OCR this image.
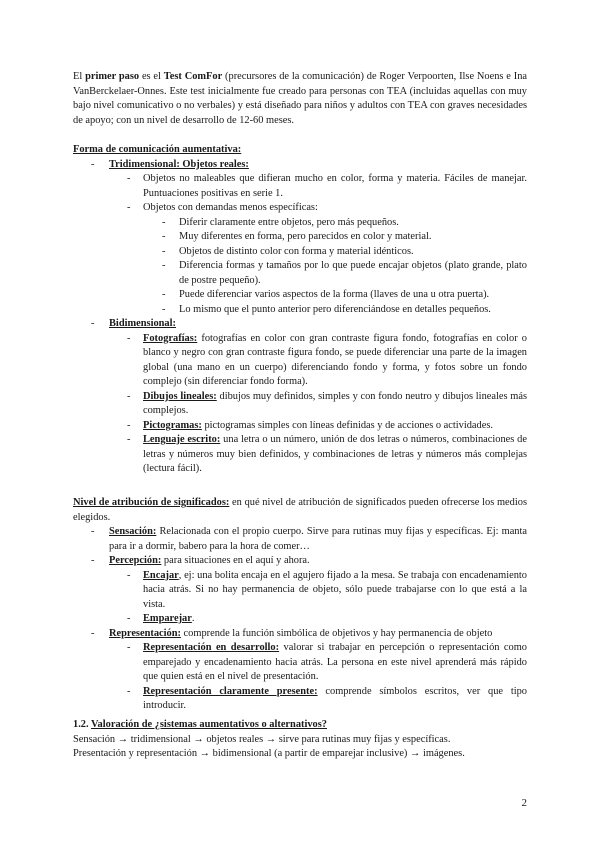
El primer paso es el Test ComFor (precursores de la comunicación) de Roger Verpoorten, Ilse Noens e Ina VanBerckelaer-Onnes. Este test inicialmente fue creado para personas con TEA (incluidas aquellas con muy bajo nivel comunicativo o no verbales) y está diseñado para niños y adultos con TEA con graves necesidades de apoyo; con un nivel de desarrollo de 12-60 meses.

Forma de comunicación aumentativa:

- Tridimensional: Objetos reales:
- Objetos no maleables que difieran mucho en color, forma y materia. Fáciles de manejar. Puntuaciones positivas en serie 1.
- Objetos con demandas menos específicas:
- Diferir claramente entre objetos, pero más pequeños.
- Muy diferentes en forma, pero parecidos en color y material.
- Objetos de distinto color con forma y material idénticos.
- Diferencia formas y tamaños por lo que puede encajar objetos (plato grande, plato de postre pequeño).
- Puede diferenciar varios aspectos de la forma (llaves de una u otra puerta).
- Lo mismo que el punto anterior pero diferenciándose en detalles pequeños.
- Bidimensional:
- Fotografías: fotografías en color con gran contraste figura fondo, fotografías en color o blanco y negro con gran contraste figura fondo, se puede diferenciar una parte de la imagen global (una mano en un cuerpo) diferenciando fondo y forma, y fotos sobre un fondo complejo (sin diferenciar fondo forma).
- Dibujos lineales: dibujos muy definidos, simples y con fondo neutro y dibujos lineales más complejos.
- Pictogramas: pictogramas simples con líneas definidas y de acciones o actividades.
- Lenguaje escrito: una letra o un número, unión de dos letras o números, combinaciones de letras y números muy bien definidos, y combinaciones de letras y números más complejas (lectura fácil).

Nivel de atribución de significados: en qué nivel de atribución de significados pueden ofrecerse los medios elegidos.

- Sensación: Relacionada con el propio cuerpo. Sirve para rutinas muy fijas y específicas. Ej: manta para ir a dormir, babero para la hora de comer…
- Percepción: para situaciones en el aquí y ahora.
- Encajar, ej: una bolita encaja en el agujero fijado a la mesa. Se trabaja con encadenamiento hacia atrás. Si no hay permanencia de objeto, sólo puede trabajarse con lo que está a la vista.
- Emparejar.
- Representación: comprende la función simbólica de objetivos y hay permanencia de objeto
- Representación en desarrollo: valorar si trabajar en percepción o representación como emparejado y encadenamiento hacia atrás. La persona en este nivel aprenderá más rápido que quien está en el nivel de presentación.
- Representación claramente presente: comprende símbolos escritos, ver que tipo introducir.

1.2. Valoración de ¿sistemas aumentativos o alternativos?

Sensación → tridimensional → objetos reales → sirve para rutinas muy fijas y específicas.

Presentación y representación → bidimensional (a partir de emparejar inclusive) → imágenes.

2
